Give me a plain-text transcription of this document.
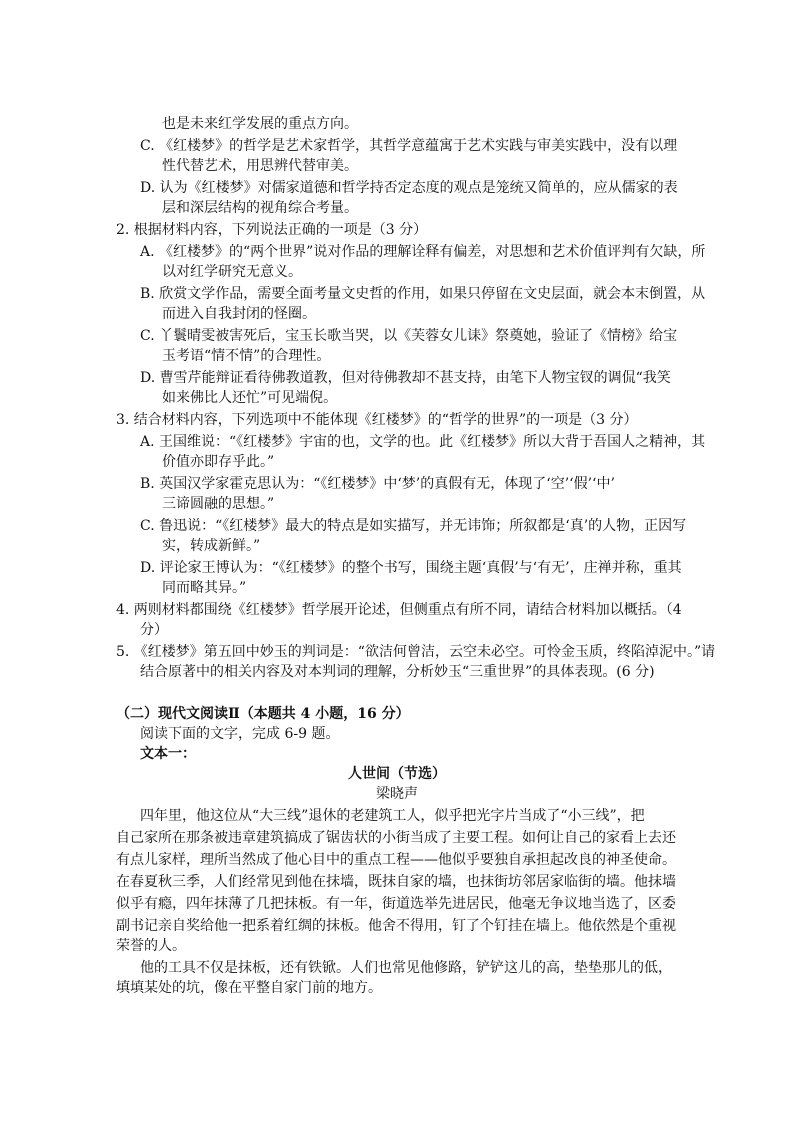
也是未来红学发展的重点方向。
C. 《红楼梦》的哲学是艺术家哲学，其哲学意蕴寓于艺术实践与审美实践中，没有以理
性代替艺术，用思辨代替审美。
D. 认为《红楼梦》对儒家道德和哲学持否定态度的观点是笼统又简单的，应从儒家的表
层和深层结构的视角综合考量。
2. 根据材料内容，下列说法正确的一项是（3 分）
A. 《红楼梦》的“两个世界”说对作品的理解诠释有偏差，对思想和艺术价值评判有欠缺，所
以对红学研究无意义。
B. 欣赏文学作品，需要全面考量文史哲的作用，如果只停留在文史层面，就会本末倒置，从
而进入自我封闭的怪圈。
C. 丫鬟晴雯被害死后，宝玉长歌当哭，以《芙蓉女儿诔》祭奠她，验证了《情榜》给宝
玉考语“情不情”的合理性。
D. 曹雪芹能辩证看待佛教道教，但对待佛教却不甚支持，由笔下人物宝钗的调侃“我笑
如来佛比人还忙”可见端倪。
3. 结合材料内容，下列选项中不能体现《红楼梦》的“哲学的世界”的一项是（3 分）
A. 王国维说：“《红楼梦》宇宙的也，文学的也。此《红楼梦》所以大背于吾国人之精神，其
价值亦即存乎此。”
B. 英国汉学家霍克思认为：“《红楼梦》中‘梦’的真假有无，体现了‘空’‘假’‘中’
三谛圆融的思想。”
C. 鲁迅说：“《红楼梦》最大的特点是如实描写，并无讳饰；所叙都是‘真’的人物，正因写
实，转成新鲜。”
D. 评论家王博认为：“《红楼梦》的整个书写，围绕主题‘真假’与‘有无’，庄禅并称，重其
同而略其异。”
4. 两则材料都围绕《红楼梦》哲学展开论述，但侧重点有所不同，请结合材料加以概括。（4
分）
5. 《红楼梦》第五回中妙玉的判词是：“欲洁何曾洁，云空未必空。可怜金玉质，终陷淖泥中。”请
结合原著中的相关内容及对本判词的理解，分析妙玉“三重世界”的具体表现。(6 分)
（二）现代文阅读Ⅱ（本题共 4 小题，16 分）
阅读下面的文字，完成 6-9 题。
文本一：
人世间（节选）
梁晓声
四年里，他这位从“大三线”退休的老建筑工人，似乎把光字片当成了“小三线”，把
自己家所在那条被违章建筑搞成了锯齿状的小街当成了主要工程。如何让自己的家看上去还
有点儿家样，理所当然成了他心目中的重点工程——他似乎要独自承担起改良的神圣使命。
在春夏秋三季，人们经常见到他在抹墙，既抹自家的墙，也抹街坊邻居家临街的墙。他抹墙
似乎有瘾，四年抹薄了几把抹板。有一年，街道选举先进居民，他毫无争议地当选了，区委
副书记亲自奖给他一把系着红绸的抹板。他舍不得用，钉了个钉挂在墙上。他依然是个重视
荣誉的人。
他的工具不仅是抹板，还有铁锨。人们也常见他修路，铲铲这儿的高，垫垫那儿的低，
填填某处的坑，像在平整自家门前的地方。
